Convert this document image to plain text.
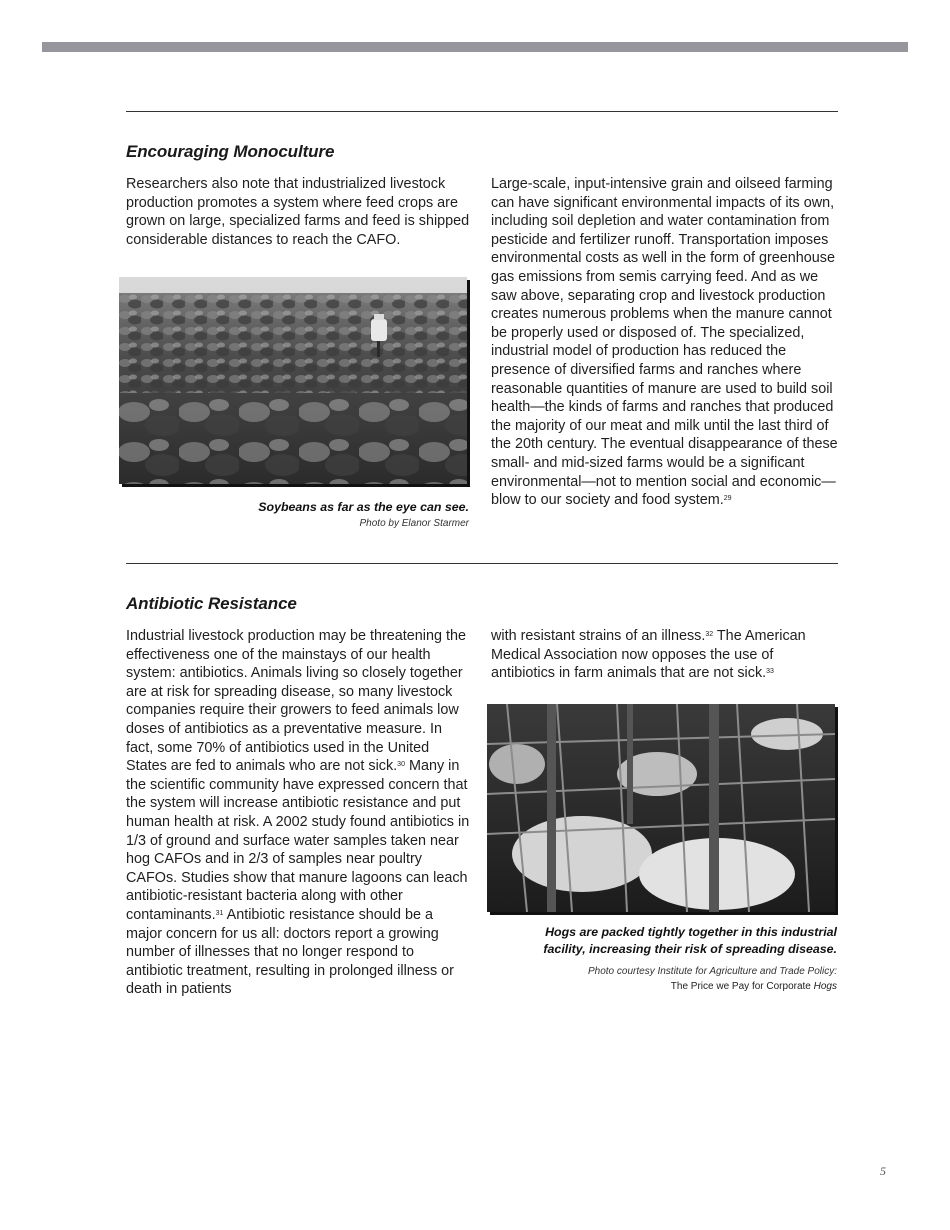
Encouraging Monoculture

Researchers also note that industrialized livestock production promotes a system where feed crops are grown on large, specialized farms and feed is shipped considerable distances to reach the CAFO.

Soybeans as far as the eye can see.
Photo by Elanor Starmer

Large-scale, input-intensive grain and oilseed farming can have significant environmental impacts of its own, including soil depletion and water contamination from pesticide and fertilizer runoff. Transportation imposes environmental costs as well in the form of greenhouse gas emissions from semis carrying feed. And as we saw above, separating crop and livestock production creates numerous problems when the manure cannot be properly used or disposed of. The specialized, industrial model of production has reduced the presence of diversified farms and ranches where reasonable quantities of manure are used to build soil health—the kinds of farms and ranches that produced the majority of our meat and milk until the last third of the 20th century. The eventual disappearance of these small- and mid-sized farms would be a significant environmental—not to mention social and economic—blow to our society and food system.$^{29}$

Antibiotic Resistance

Industrial livestock production may be threatening the effectiveness one of the mainstays of our health system: antibiotics. Animals living so closely together are at risk for spreading disease, so many livestock companies require their growers to feed animals low doses of antibiotics as a preventative measure. In fact, some 70% of antibiotics used in the United States are fed to animals who are not sick.$^{30}$ Many in the scientific community have expressed concern that the system will increase antibiotic resistance and put human health at risk. A 2002 study found antibiotics in 1/3 of ground and surface water samples taken near hog CAFOs and in 2/3 of samples near poultry CAFOs. Studies show that manure lagoons can leach antibiotic-resistant bacteria along with other contaminants.$^{31}$ Antibiotic resistance should be a major concern for us all: doctors report a growing number of illnesses that no longer respond to antibiotic treatment, resulting in prolonged illness or death in patients

with resistant strains of an illness.$^{32}$ The American Medical Association now opposes the use of antibiotics in farm animals that are not sick.$^{33}$

Hogs are packed tightly together in this industrial
facility, increasing their risk of spreading disease.
Photo courtesy Institute for Agriculture and Trade Policy:
The Price we Pay for Corporate Hogs
5
